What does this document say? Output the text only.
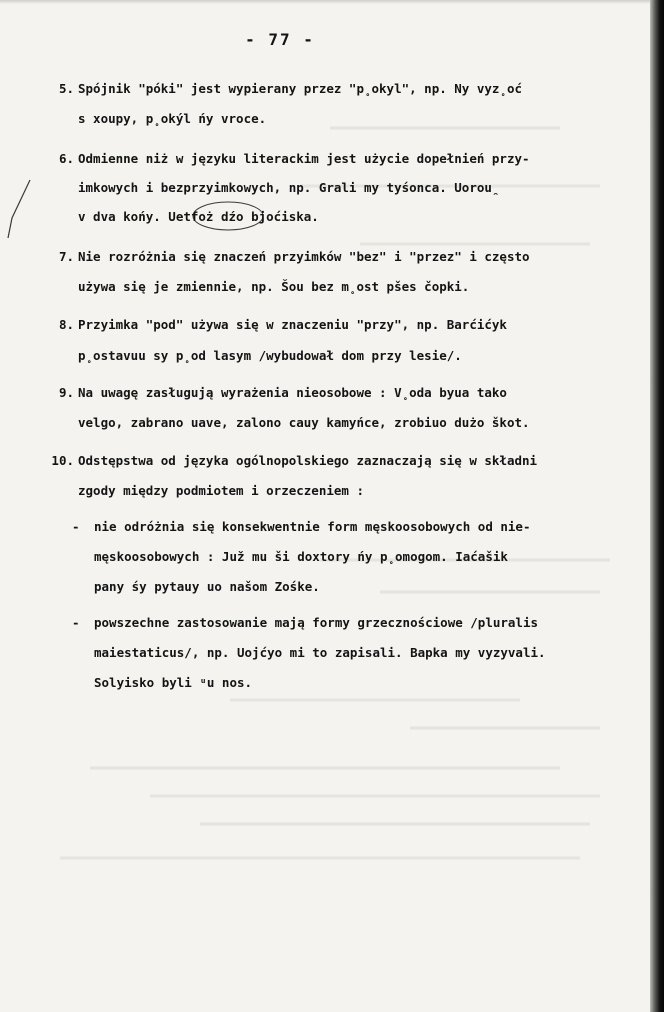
- 77 -
5. Spójnik "póki" jest wypierany przez "p̥okyl", np. Ny vyz̥oć
s xoupy, p̥okýl ńy vroce.
6. Odmienne niż w języku literackim jest użycie dopełnień przy-
imkowych i bezprzyimkowych, np. Grali my tyśonca. Uorou̯
v dva końy. Uetfoż dźo bjoćiska.
7. Nie rozróżnia się znaczeń przyimków "bez" i "przez" i często
używa się je zmiennie, np. Šou bez m̥ost pšes čopki.
8. Przyimka "pod" używa się w znaczeniu "przy", np. Barćićyk
p̥ostavuu sy p̥od lasym /wybudował dom przy lesie/.
9. Na uwagę zasługują wyrażenia nieosobowe : V̥oda byua tako
velgo, zabrano uave, zalono cauy kamyńce, zrobiuo dużo škot.
10. Odstępstwa od języka ogólnopolskiego zaznaczają się w składni
zgody między podmiotem i orzeczeniem :
- nie odróżnia się konsekwentnie form męskoosobowych od nie-
męskoosobowych : Juž mu ši doxtory ńy p̥omogom. Iaćašik
pany śy pytauy uo našom Zośke.
- powszechne zastosowanie mają formy grzecznościowe /pluralis
maiestaticus/, np. Uojćyo mi to zapisali. Bapka my vyzyvali.
Solyisko byli ᵘu nos.
